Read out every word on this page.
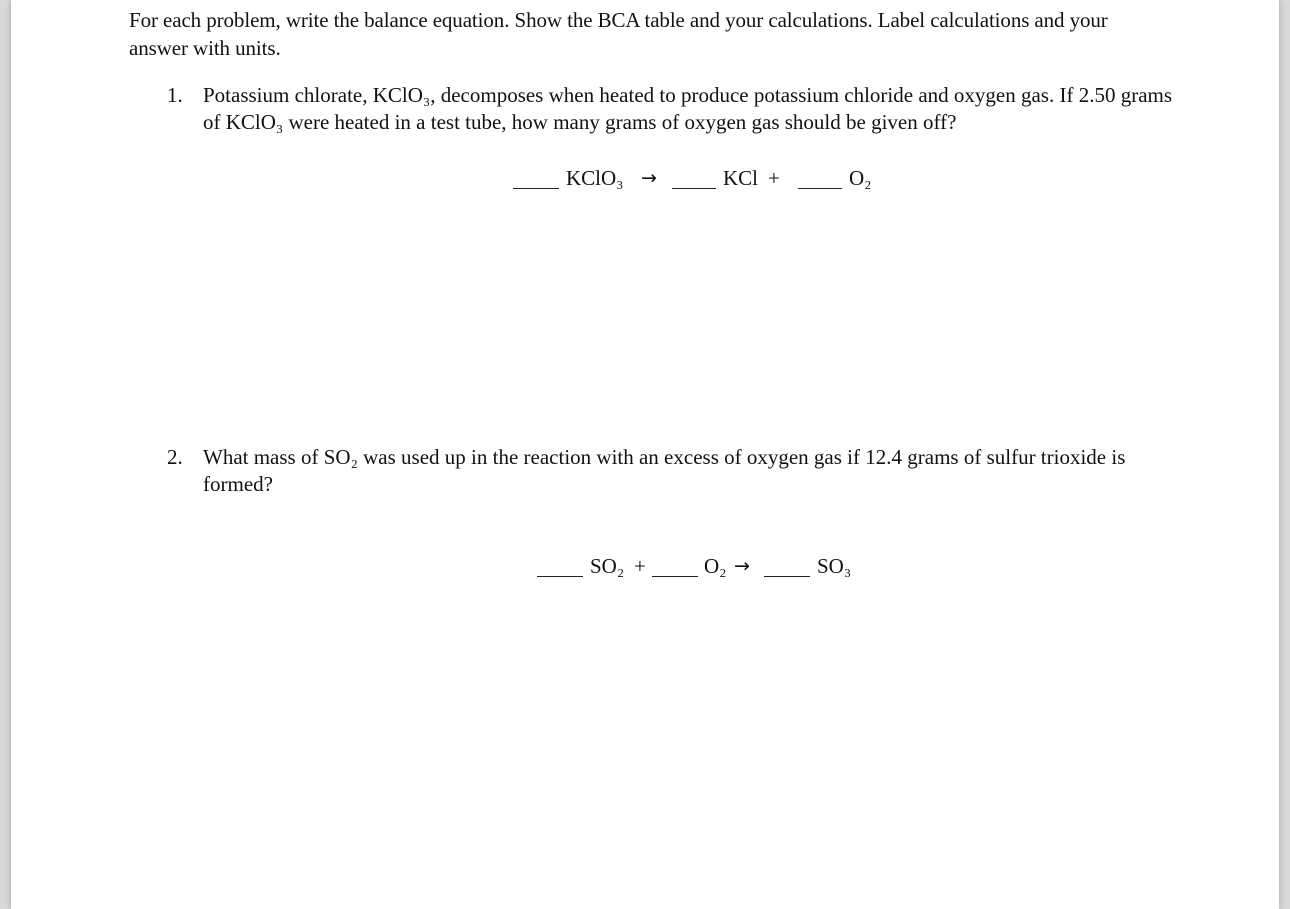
For each problem, write the balance equation. Show the BCA table and your calculations. Label calculations and your answer with units.
1. Potassium chlorate, KClO₃, decomposes when heated to produce potassium chloride and oxygen gas. If 2.50 grams of KClO₃ were heated in a test tube, how many grams of oxygen gas should be given off?
KClO₃ →	KCl +	O₂
2. What mass of SO₂ was used up in the reaction with an excess of oxygen gas if 12.4 grams of sulfur trioxide is formed?
SO₂ +	O₂ →	SO₃
